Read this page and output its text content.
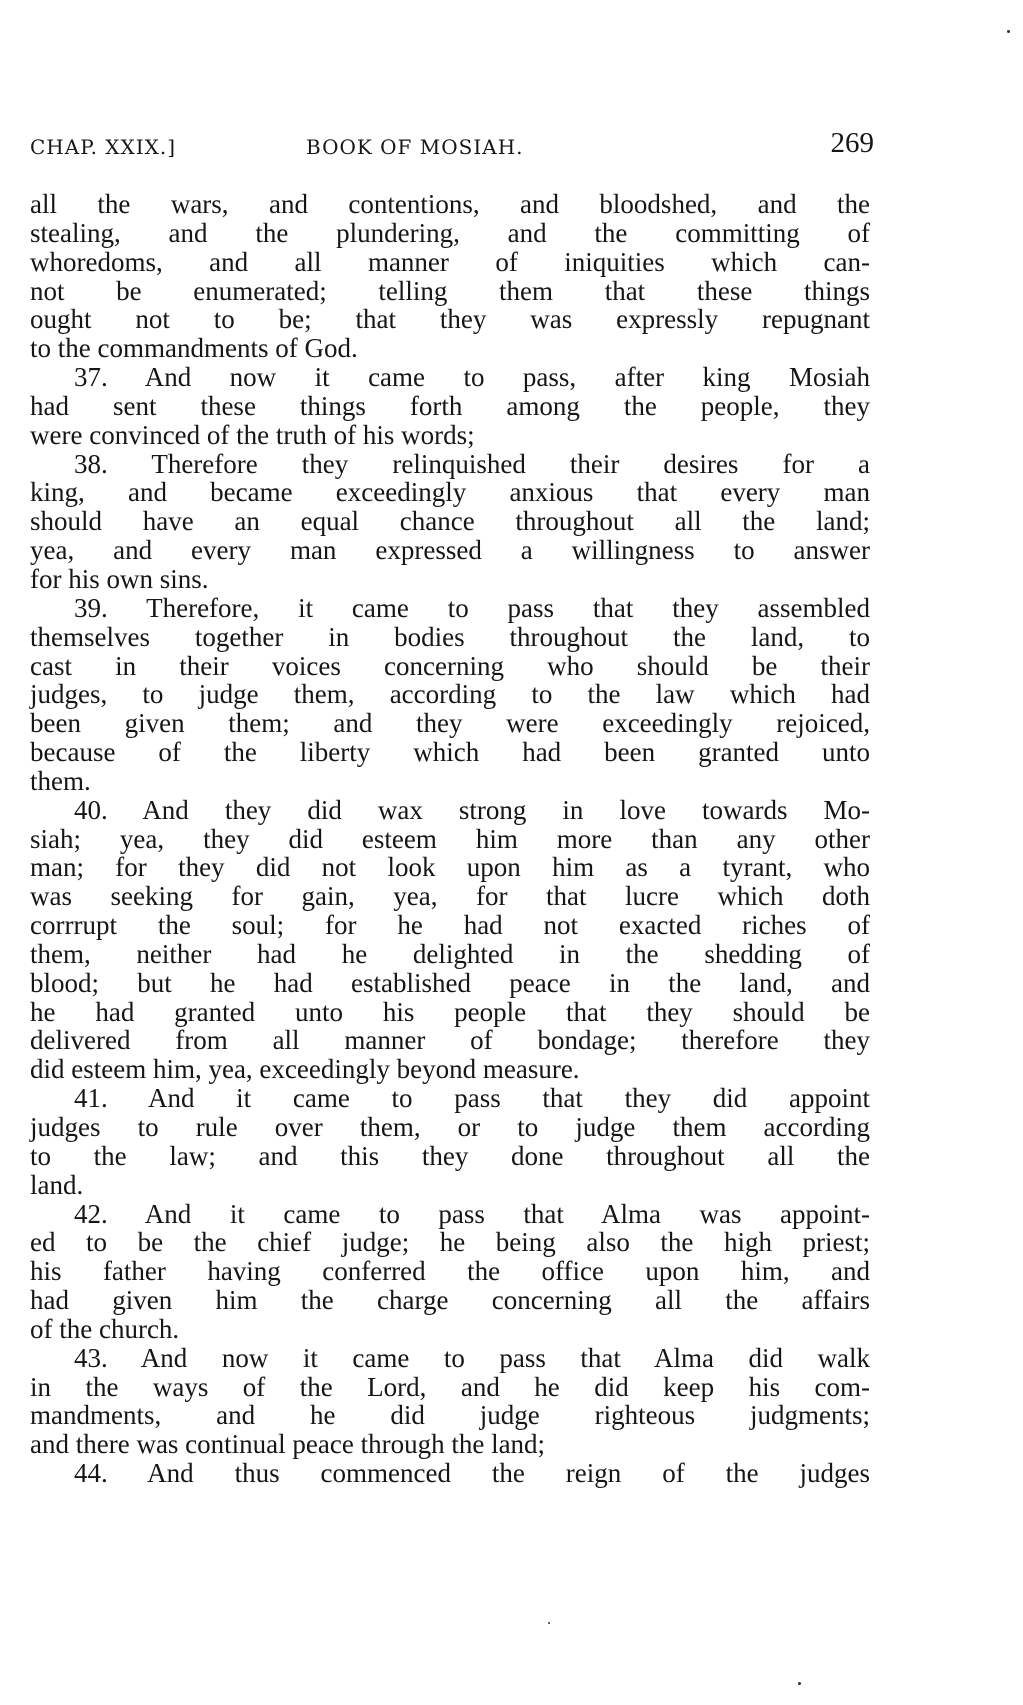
CHAP. XXIX.]	BOOK OF MOSIAH.	269
all the wars, and contentions, and bloodshed, and the
stealing, and the plundering, and the committing of
whoredoms, and all manner of iniquities which can-
not be enumerated; telling them that these things
ought not to be; that they was expressly repugnant
to the commandments of God.
37. And now it came to pass, after king Mosiah
had sent these things forth among the people, they
were convinced of the truth of his words;
38. Therefore they relinquished their desires for a
king, and became exceedingly anxious that every man
should have an equal chance throughout all the land;
yea, and every man expressed a willingness to answer
for his own sins.
39. Therefore, it came to pass that they assembled
themselves together in bodies throughout the land, to
cast in their voices concerning who should be their
judges, to judge them, according to the law which had
been given them; and they were exceedingly rejoiced,
because of the liberty which had been granted unto
them.
40. And they did wax strong in love towards Mo-
siah; yea, they did esteem him more than any other
man; for they did not look upon him as a tyrant, who
was seeking for gain, yea, for that lucre which doth
corrrupt the soul; for he had not exacted riches of
them, neither had he delighted in the shedding of
blood; but he had established peace in the land, and
he had granted unto his people that they should be
delivered from all manner of bondage; therefore they
did esteem him, yea, exceedingly beyond measure.
41. And it came to pass that they did appoint
judges to rule over them, or to judge them according
to the law; and this they done throughout all the
land.
42. And it came to pass that Alma was appoint-
ed to be the chief judge; he being also the high priest;
his father having conferred the office upon him, and
had given him the charge concerning all the affairs
of the church.
43. And now it came to pass that Alma did walk
in the ways of the Lord, and he did keep his com-
mandments, and he did judge righteous judgments;
and there was continual peace through the land;
44. And thus commenced the reign of the judges
